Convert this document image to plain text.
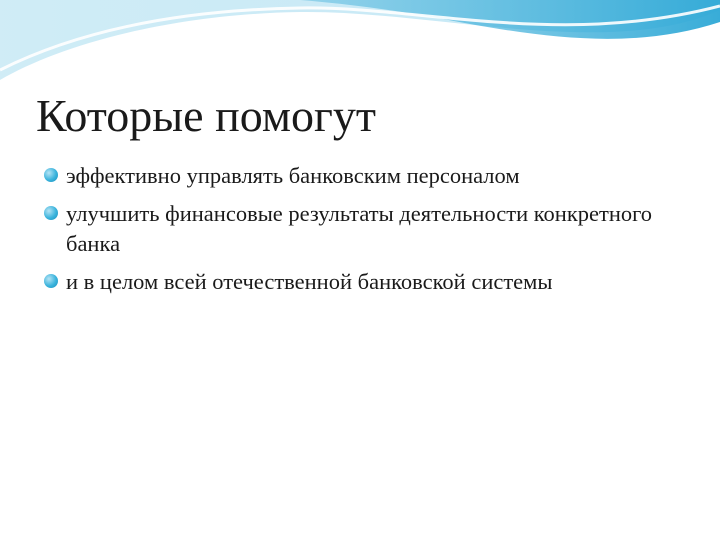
Которые помогут
эффективно управлять банковским персоналом
улучшить финансовые результаты деятельности конкретного банка
и в целом всей отечественной банковской системы
